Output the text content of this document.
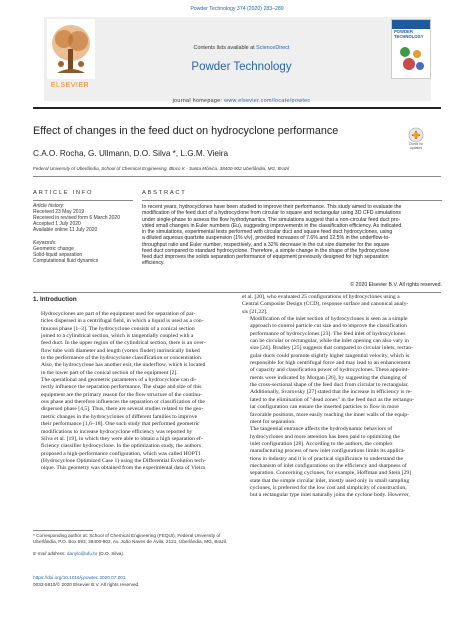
Powder Technology 374 (2020) 283–289
ELSEVIER
Contents lists available at ScienceDirect
Powder Technology
journal homepage: www.elsevier.com/locate/powtec
POWDER TECHNOLOGY
Effect of changes in the feed duct on hydrocyclone performance
Check for updates
C.A.O. Rocha, G. Ullmann, D.O. Silva *, L.G.M. Vieira
Federal University of Uberlândia, School of Chemical Engineering, Bloco K - Santa Mônica, 38400-902 Uberlândia, MG, Brazil
ARTICLE INFO
Article history:
Received 23 May 2019
Received in revised form 6 March 2020
Accepted 1 July 2020
Available online 11 July 2020
Keywords:
Geometric change
Solid-liquid separation
Computational fluid dynamics
ABSTRACT
In recent years, hydrocyclones have been studied to improve their performance. This study aimed to evaluate the
modification of the feed duct of a hydrocyclone from circular to square and rectangular using 3D CFD simulations
under single-phase to assess the flow hydrodynamics. The simulations suggest that a non-circular feed duct pro-
vided small changes in Euler numbers (Eu), suggesting improvements in the classification efficiency. As indicated
in the simulations, experimental tests performed with circular duct and square feed duct hydrocyclones, using
a diluted aqueous quartzite suspension (1% v/v), provided increases of 7.6% and 12.5% in the underflow-to-
throughput ratio and Euler number, respectively, and a 32% decrease in the cut size diameter for the square
feed duct compared to standard hydrocyclone. Therefore, a simple change in the shape of the hydrocyclone
feed duct improves the solids separation performance of equipment previously designed for high separation
efficiency.
© 2020 Elsevier B.V. All rights reserved.
1. Introduction

Hydrocyclones are part of the equipment used for separation of par-
ticles dispersed in a centrifugal field, in which a liquid is used as a con-
tinuous phase [1–3]. The hydrocyclone consists of a conical section
joined to a cylindrical section, which is tangentially coupled with a
feed duct. In the upper region of the cylindrical section, there is an over-
flow tube with diameter and length (vortex finder) intrinsically linked
to the performance of the hydrocyclone classification or concentration.
Also, the hydrocyclone has another exit, the underflow, which is located
in the lower part of the conical section of the equipment [2].

The operational and geometric parameters of a hydrocyclone can di-
rectly influence the separation performance. The shape and size of this
equipment are the primary reason for the flow structure of the continu-
ous phase and therefore influences the separation or classification of the
dispersed phase [4,5]. Thus, there are several studies related to the geo-
metric changes in the hydrocyclones of different families to improve
their performance [1,6–18]. One such study that performed geometric
modifications to increase hydrocyclone efficiency was reported by
Silva et al. [19], in which they were able to obtain a high separation ef-
ficiency classifier hydrocyclone. In the optimization study, the authors
proposed a high-performance configuration, which was called HOPT1
(Hydrocyclone Optimized Case 1) using the Differential Evolution tech-
nique. This geometry was obtained from the experimental data of Vieira

et al. [20], who evaluated 25 configurations of hydrocyclones using a
Central Composite Design (CCD), response surface and canonical analy-
sis [21,22].

Modification of the inlet section of hydrocyclones is seen as a simple
approach to control particle cut size and to improve the classification
performance of hydrocyclones [23]. The feed inlet of hydrocyclones
can be circular or rectangular, while the inlet opening can also vary in
size [24]. Bradley [25] suggests that compared to circular inlets, rectan-
gular ducts could promote slightly higher tangential velocity, which is
responsible for high centrifugal force and may lead to an enhancement
of capacity and classification power of hydrocyclones. These appoint-
ments were indicated by Morgan [26], by suggesting the changing of
the cross-sectional shape of the feed duct from circular to rectangular.
Additionally, Svarovsky [27] stated that the increase in efficiency is re-
lated to the elimination of "dead zones" in the feed duct as the rectangu-
lar configuration can ensure the inserted particles to flow in more
favorable positions, more easily reaching the inner walls of the equip-
ment for separation.

The tangential entrance affects the hydrodynamic behaviors of
hydrocyclones and more attention has been paid to optimizing the
inlet configuration [28]. According to the authors, the complex
manufacturing process of new inlet configurations limits its applica-
tions in industry and it is of practical significance to understand the
mechanism of inlet configurations on the efficiency and sharpness of
separation. Concerning cyclones, for example, Hoffman and Stein [29]
state that the simple circular inlet, mostly used only in small sampling
cyclones, is preferred for the low cost and simplicity of construction,
but a rectangular type inlet naturally joins the cyclone body. However,

* Corresponding author at: School of Chemical Engineering (FEQUI), Federal University of Uberlândia, P.O. Box 593, 38400-902, Av. João Naves de Ávila, 2121, Uberlândia, MG, Brazil.
E-mail address: danylo@ufu.br (D.O. Silva).
https://doi.org/10.1016/j.powtec.2020.07.001
0032-5910/© 2020 Elsevier B.V. All rights reserved.
